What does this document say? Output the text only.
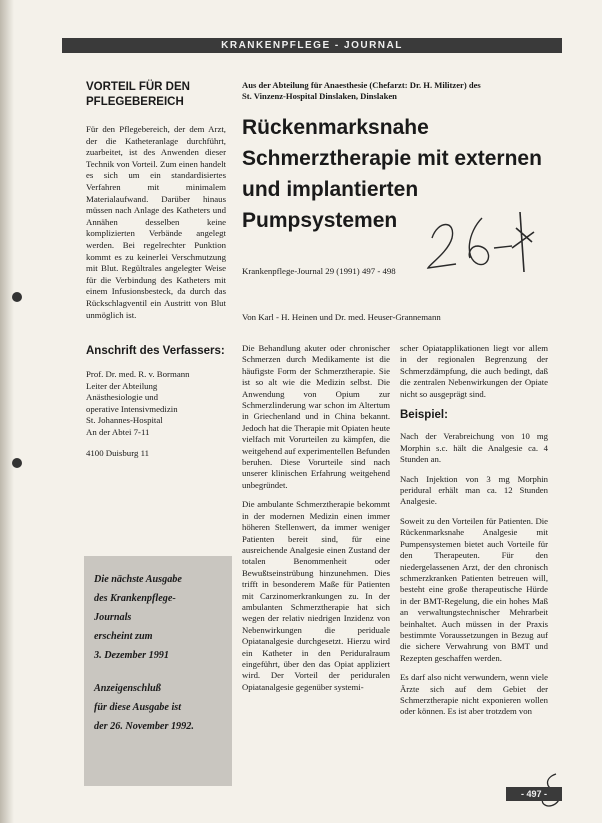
KRANKENPFLEGE - JOURNAL
VORTEIL FÜR DEN
PFLEGEBEREICH

Für den Pflegebereich, der dem Arzt, der die Katheteranlage durchführt, zuarbeitet, ist des Anwenden dieser Technik von Vorteil. Zum einen handelt es sich um ein standardisiertes Verfahren mit minimalem Materialaufwand. Darüber hinaus müssen nach Anlage des Katheters und Annähen desselben keine komplizierten Verbände angelegt werden. Bei regelrechter Punktion kommt es zu keinerlei Verschmutzung mit Blut. Regültrales angelegter Weise für die Verbindung des Katheters mit einem Infusionsbesteck, da durch das Rückschlagventil ein Austritt von Blut unmöglich ist.

Anschrift des Verfassers:
Prof. Dr. med. R. v. Bormann
Leiter der Abteilung
Anästhesiologie und
operative Intensivmedizin
St. Johannes-Hospital
An der Abtei 7-11
4100 Duisburg 11
Die nächste Ausgabe
des Krankenpflege-
Journals
erscheint zum
3. Dezember 1991
Anzeigenschluß
für diese Ausgabe ist
der 26. November 1992.
Aus der Abteilung für Anaesthesie (Chefarzt: Dr. H. Militzer) des
St. Vinzenz-Hospital Dinslaken, Dinslaken
Rückenmarksnahe
Schmerztherapie mit externen
und implantierten
Pumpsystemen
Krankenpflege-Journal 29 (1991) 497 - 498
Von Karl - H. Heinen und Dr. med. Heuser-Grannemann

Die Behandlung akuter oder chronischer Schmerzen durch Medikamente ist die häufigste Form der Schmerztherapie. Sie ist so alt wie die Medizin selbst. Die Anwendung von Opium zur Schmerzlinderung war schon im Altertum in Griechenland und in China bekannt. Jedoch hat die Therapie mit Opiaten heute vielfach mit Vorurteilen zu kämpfen, die weitgehend auf experimentellen Befunden beruhen. Diese Vorurteile sind nach unserer klinischen Erfahrung weitgehend unbegründet.

Die ambulante Schmerztherapie bekommt in der modernen Medizin einen immer höheren Stellenwert, da immer weniger Patienten bereit sind, für eine ausreichende Analgesie einen Zustand der totalen Benommenheit oder Bewußtseinstrübung hinzunehmen. Dies trifft in besonderem Maße für Patienten mit Carzinomerkrankungen zu. In der ambulanten Schmerztherapie hat sich wegen der relativ niedrigen Inzidenz von Nebenwirkungen die periduale Opiatanalgesie durchgesetzt. Hierzu wird ein Katheter in den Periduralraum eingeführt, über den das Opiat appliziert wird. Der Vorteil der periduralen Opiatanalgesie gegenüber systemi-

scher Opiatapplikationen liegt vor allem in der regionalen Begrenzung der Schmerzdämpfung, die auch bedingt, daß die zentralen Nebenwirkungen der Opiate nicht so ausgeprägt sind.

Beispiel:

Nach der Verabreichung von 10 mg Morphin s.c. hält die Analgesie ca. 4 Stunden an.

Nach Injektion von 3 mg Morphin peridural erhält man ca. 12 Stunden Analgesie.

Soweit zu den Vorteilen für Patienten. Die Rückenmarksnahe Analgesie mit Pumpensystemen bietet auch Vorteile für den Therapeuten. Für den niedergelassenen Arzt, der den chronisch schmerzkranken Patienten betreuen will, besteht eine große therapeutische Hürde in der BMT-Regelung, die ein hohes Maß an verwaltungstechnischer Mehrarbeit beinhaltet. Auch müssen in der Praxis bestimmte Voraussetzungen in Bezug auf die sichere Verwahrung von BMT und Rezepten geschaffen werden.

Es darf also nicht verwundern, wenn viele Ärzte sich auf dem Gebiet der Schmerztherapie nicht exponieren wollen oder können. Es ist aber trotzdem von

- 497 -
